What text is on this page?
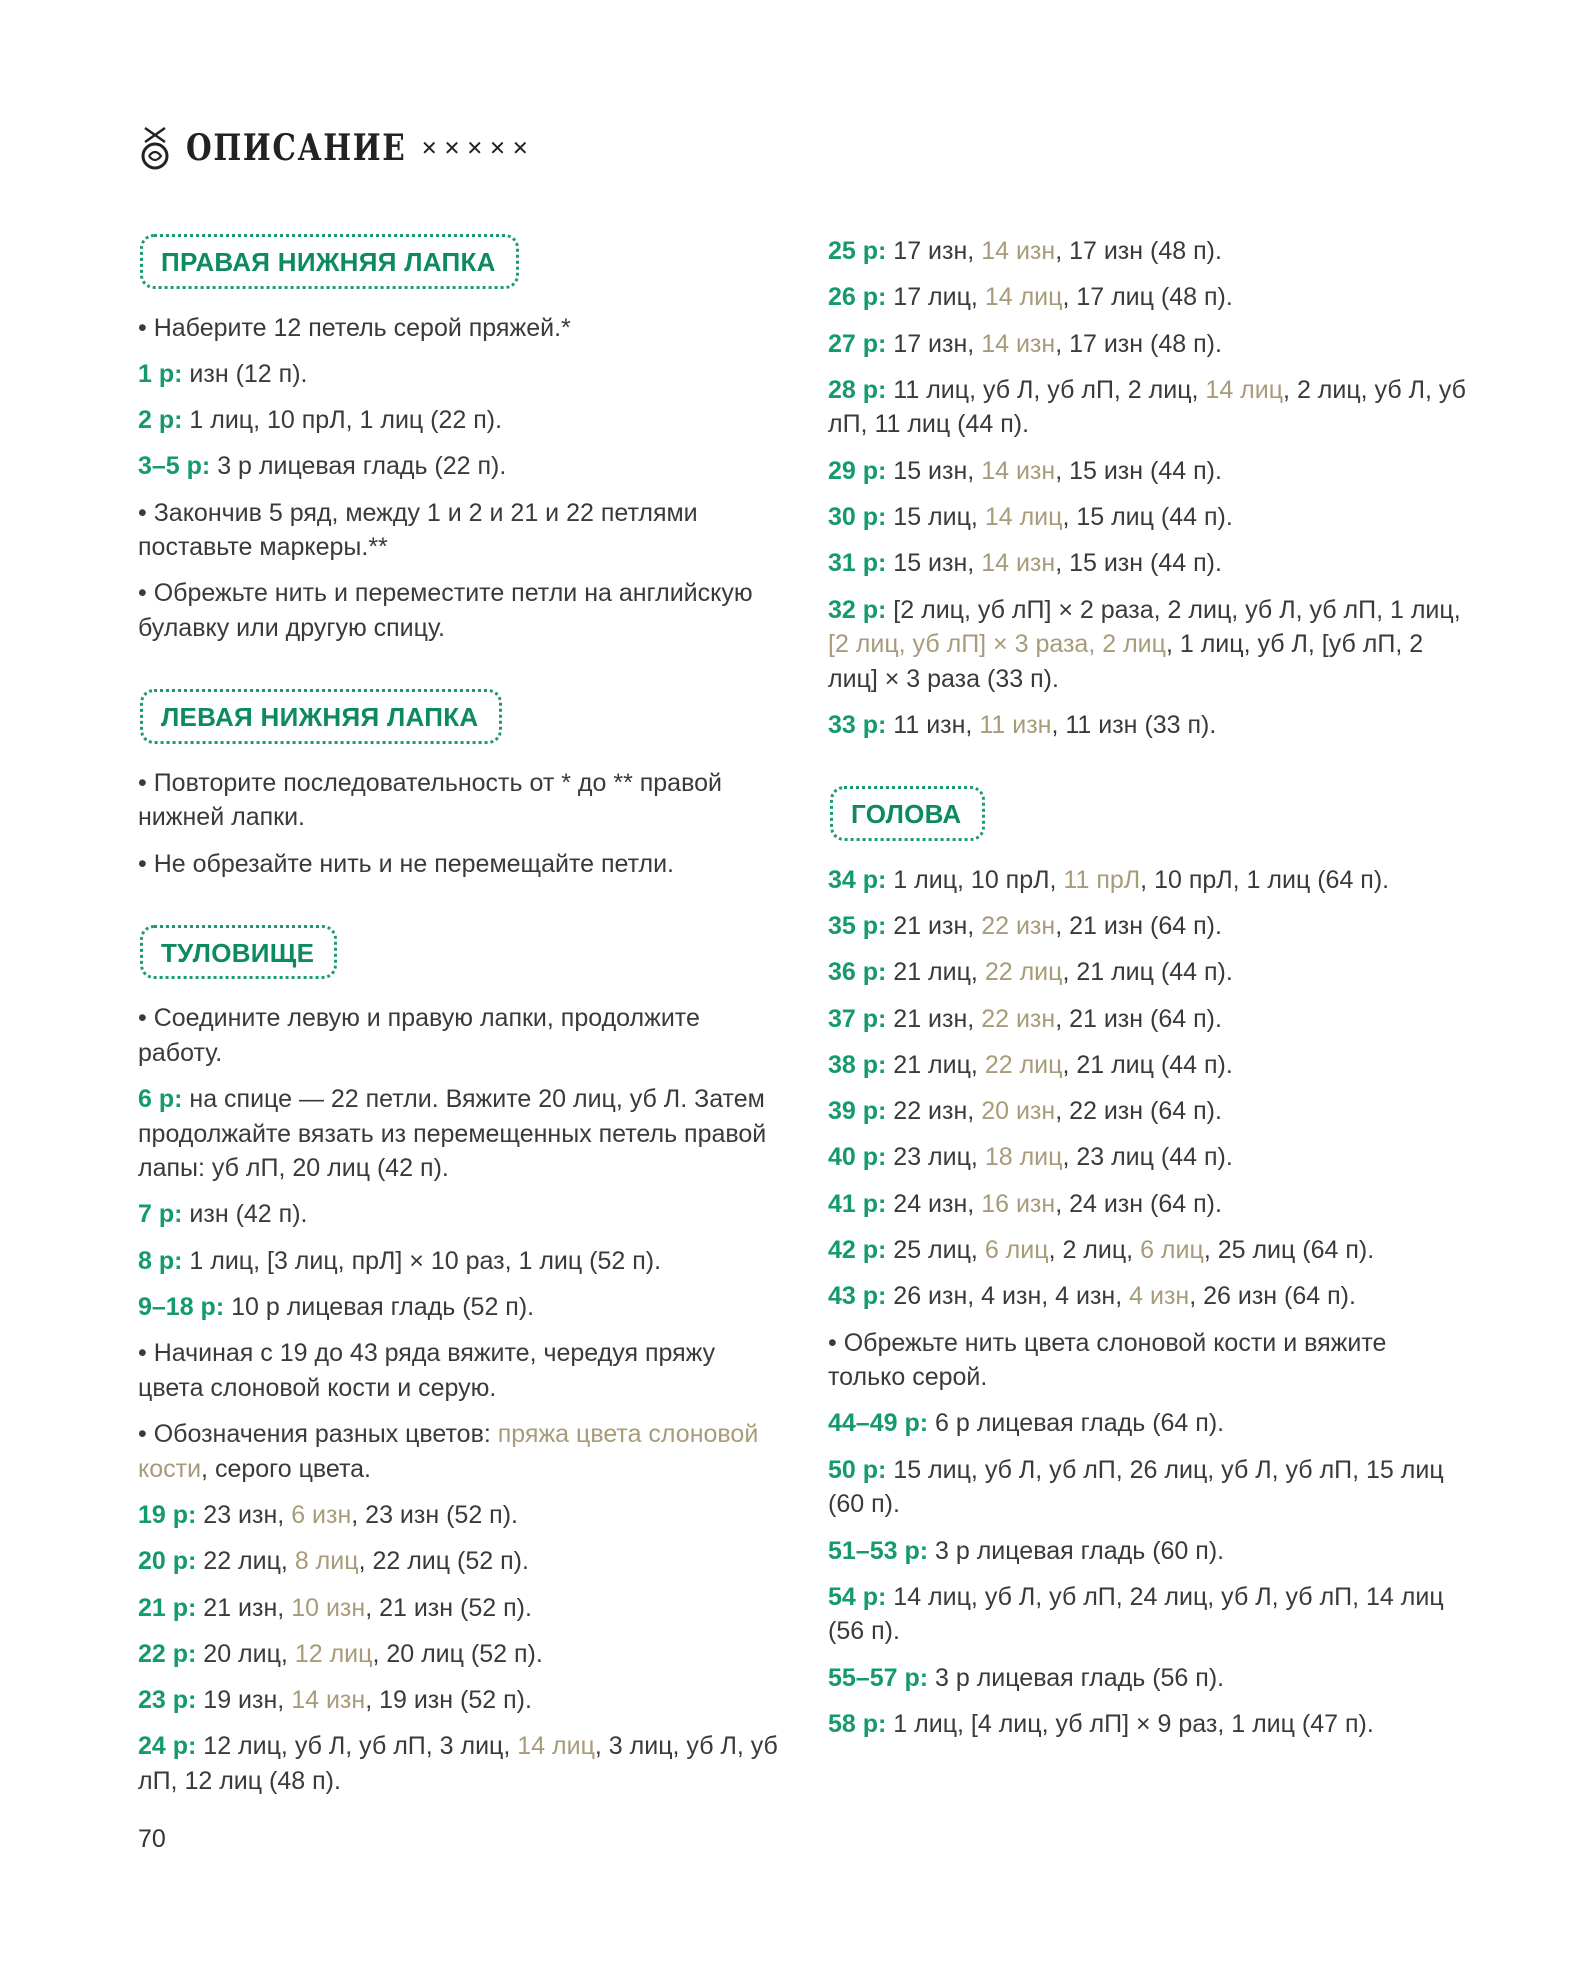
ОПИСАНИЕ ✕✕✕✕✕
ПРАВАЯ НИЖНЯЯ ЛАПКА
• Наберите 12 петель серой пряжей.*
1 р: изн (12 п).
2 р: 1 лиц, 10 прЛ, 1 лиц (22 п).
3–5 р: 3 р лицевая гладь (22 п).
• Закончив 5 ряд, между 1 и 2 и 21 и 22 петлями поставьте маркеры.**
• Обрежьте нить и переместите петли на английскую булавку или другую спицу.
ЛЕВАЯ НИЖНЯЯ ЛАПКА
• Повторите последовательность от * до ** правой нижней лапки.
• Не обрезайте нить и не перемещайте петли.
ТУЛОВИЩЕ
• Соедините левую и правую лапки, продолжите работу.
6 р: на спице — 22 петли. Вяжите 20 лиц, уб Л. Затем продолжайте вязать из перемещенных петель правой лапы: уб лП, 20 лиц (42 п).
7 р: изн (42 п).
8 р: 1 лиц, [3 лиц, прЛ] × 10 раз, 1 лиц (52 п).
9–18 р: 10 р лицевая гладь (52 п).
• Начиная с 19 до 43 ряда вяжите, чередуя пряжу цвета слоновой кости и серую.
• Обозначения разных цветов: пряжа цвета слоновой кости, серого цвета.
19 р: 23 изн, 6 изн, 23 изн (52 п).
20 р: 22 лиц, 8 лиц, 22 лиц (52 п).
21 р: 21 изн, 10 изн, 21 изн (52 п).
22 р: 20 лиц, 12 лиц, 20 лиц (52 п).
23 р: 19 изн, 14 изн, 19 изн (52 п).
24 р: 12 лиц, уб Л, уб лП, 3 лиц, 14 лиц, 3 лиц, уб Л, уб лП, 12 лиц (48 п).
25 р: 17 изн, 14 изн, 17 изн (48 п).
26 р: 17 лиц, 14 лиц, 17 лиц (48 п).
27 р: 17 изн, 14 изн, 17 изн (48 п).
28 р: 11 лиц, уб Л, уб лП, 2 лиц, 14 лиц, 2 лиц, уб Л, уб лП, 11 лиц (44 п).
29 р: 15 изн, 14 изн, 15 изн (44 п).
30 р: 15 лиц, 14 лиц, 15 лиц (44 п).
31 р: 15 изн, 14 изн, 15 изн (44 п).
32 р: [2 лиц, уб лП] × 2 раза, 2 лиц, уб Л, уб лП, 1 лиц, [2 лиц, уб лП] × 3 раза, 2 лиц, 1 лиц, уб Л, [уб лП, 2 лиц] × 3 раза (33 п).
33 р: 11 изн, 11 изн, 11 изн (33 п).
ГОЛОВА
34 р: 1 лиц, 10 прЛ, 11 прЛ, 10 прЛ, 1 лиц (64 п).
35 р: 21 изн, 22 изн, 21 изн (64 п).
36 р: 21 лиц, 22 лиц, 21 лиц (44 п).
37 р: 21 изн, 22 изн, 21 изн (64 п).
38 р: 21 лиц, 22 лиц, 21 лиц (44 п).
39 р: 22 изн, 20 изн, 22 изн (64 п).
40 р: 23 лиц, 18 лиц, 23 лиц (44 п).
41 р: 24 изн, 16 изн, 24 изн (64 п).
42 р: 25 лиц, 6 лиц, 2 лиц, 6 лиц, 25 лиц (64 п).
43 р: 26 изн, 4 изн, 4 изн, 4 изн, 26 изн (64 п).
• Обрежьте нить цвета слоновой кости и вяжите только серой.
44–49 р: 6 р лицевая гладь (64 п).
50 р: 15 лиц, уб Л, уб лП, 26 лиц, уб Л, уб лП, 15 лиц (60 п).
51–53 р: 3 р лицевая гладь (60 п).
54 р: 14 лиц, уб Л, уб лП, 24 лиц, уб Л, уб лП, 14 лиц (56 п).
55–57 р: 3 р лицевая гладь (56 п).
58 р: 1 лиц, [4 лиц, уб лП] × 9 раз, 1 лиц (47 п).
70
